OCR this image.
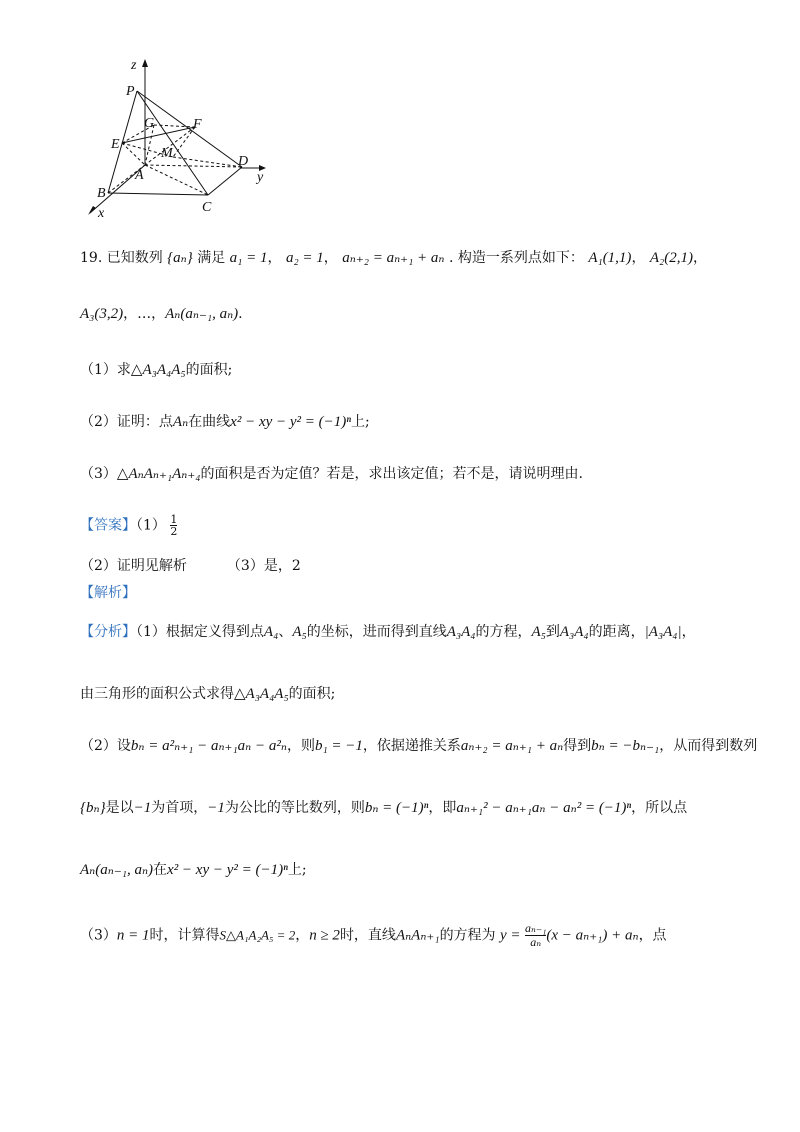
z
P
G	F
E
M
A
D
y
B
C
x
19. 已知数列 {aₙ} 满足 a₁ = 1， a₂ = 1， aₙ₊₂ = aₙ₊₁ + aₙ . 构造一系列点如下： A₁(1,1)， A₂(2,1)，
A₃(3,2)，…，Aₙ(aₙ₋₁, aₙ).
（1）求△A₃A₄A₅的面积;
（2）证明：点Aₙ在曲线x² − xy − y² = (−1)ⁿ上;
（3）△AₙAₙ₊₁Aₙ₊₄的面积是否为定值？若是，求出该定值；若不是，请说明理由.
【答案】$(1) \frac{1}{2}$
（2）证明见解析	（3）是，2
【解析】
【分析】（1）根据定义得到点A₄、A₅的坐标，进而得到直线A₃A₄的方程，A₅到A₃A₄的距离，|A₃A₄|，
由三角形的面积公式求得△A₃A₄A₅的面积;
（2）设bₙ = a²ₙ₊₁ − aₙ₊₁aₙ − a²ₙ，则b₁ = −1，依据递推关系aₙ₊₂ = aₙ₊₁ + aₙ得到bₙ = −bₙ₋₁，从而得到数列
{bₙ}是以−1为首项，−1为公比的等比数列，则bₙ = (−1)ⁿ，即aₙ₊₁² − aₙ₊₁aₙ − aₙ² = (−1)ⁿ，所以点
Aₙ(aₙ₋₁, aₙ)在x² − xy − y² = (−1)ⁿ上;
（3）n = 1时，计算得S△A₁A₂A₅ = 2，n ≥ 2时，直线AₙAₙ₊₁的方程为 $y = \frac{\text{aₙ₋₁}}{\text{aₙ}} (x - a_{n+1}) + a_n$，点
